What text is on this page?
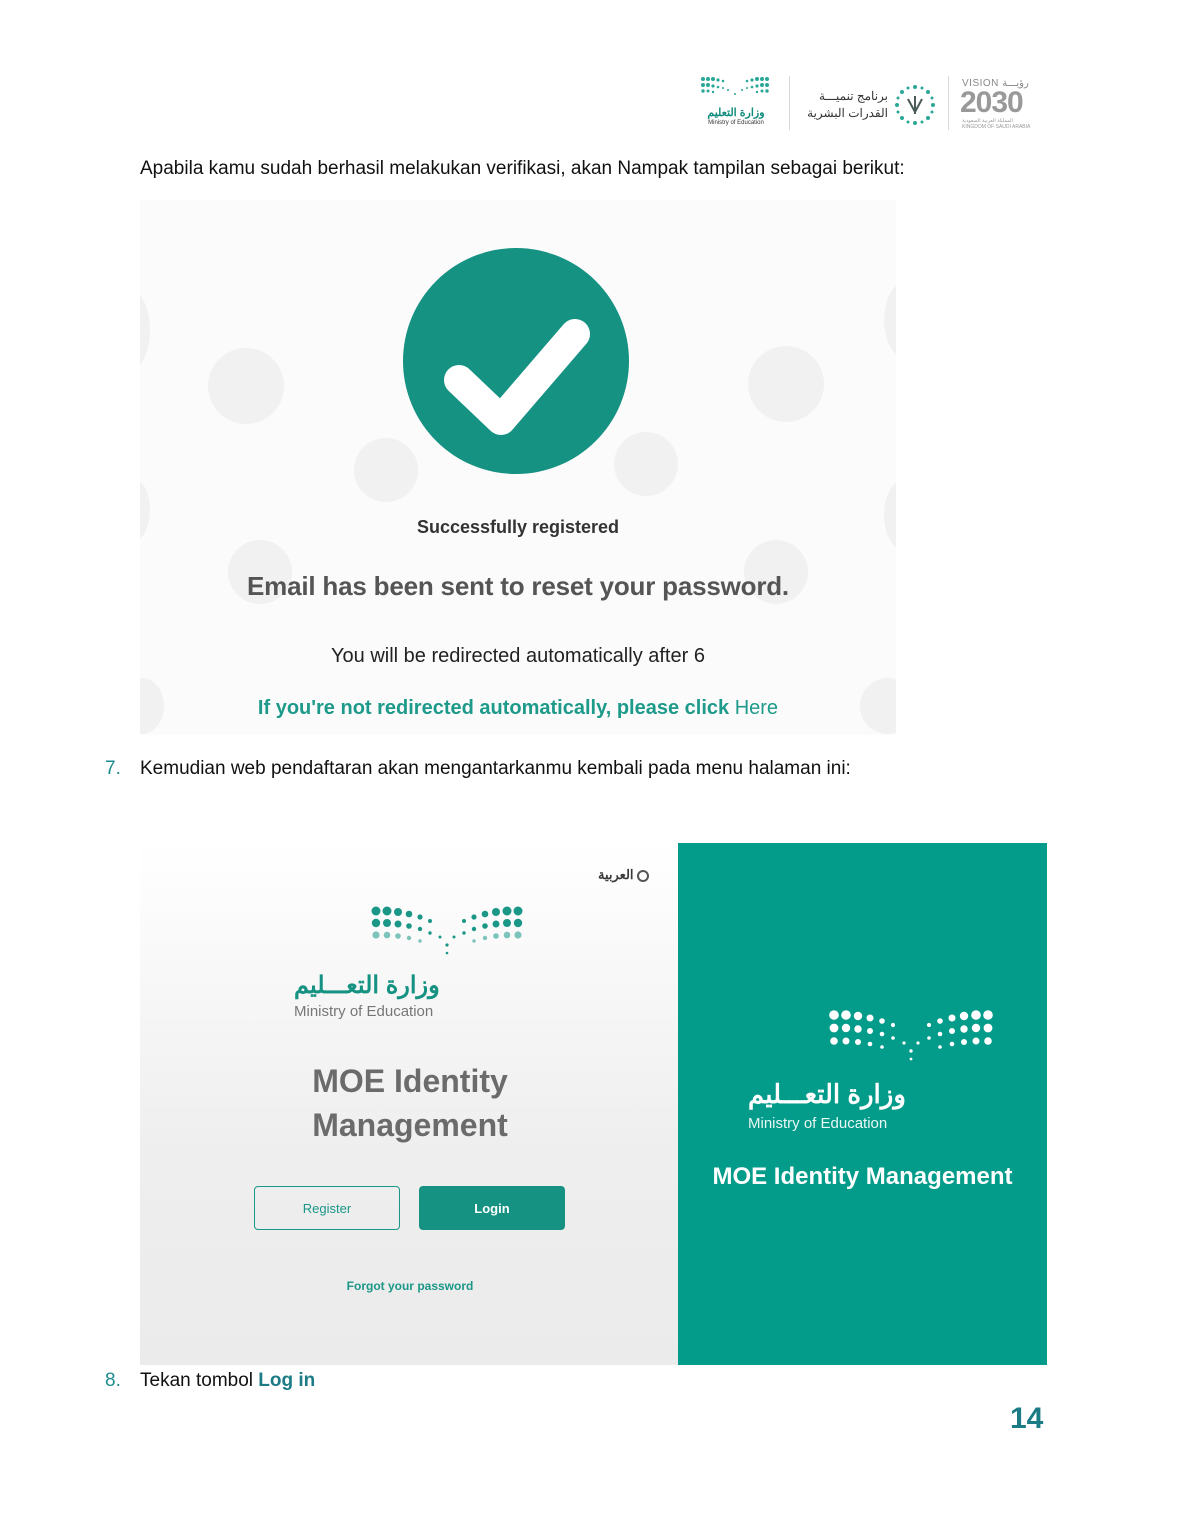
وزارة التعليم
Ministry of Education
برنامج تنميـــة
القدرات البشرية
VISION رؤيـــة
2030
المملكة العربية السعودية
KINGDOM OF SAUDI ARABIA
Apabila kamu sudah berhasil melakukan verifikasi, akan Nampak tampilan sebagai berikut:
Successfully registered
Email has been sent to reset your password.
You will be redirected automatically after 6
If you're not redirected automatically, please click Here
7. Kemudian web pendaftaran akan mengantarkanmu kembali pada menu halaman ini:
العربية
وزارة التعـــليم
Ministry of Education
MOE Identity
Management
Register	Login
Forgot your password
وزارة التعـــليم
Ministry of Education
MOE Identity Management
8. Tekan tombol Log in
14
